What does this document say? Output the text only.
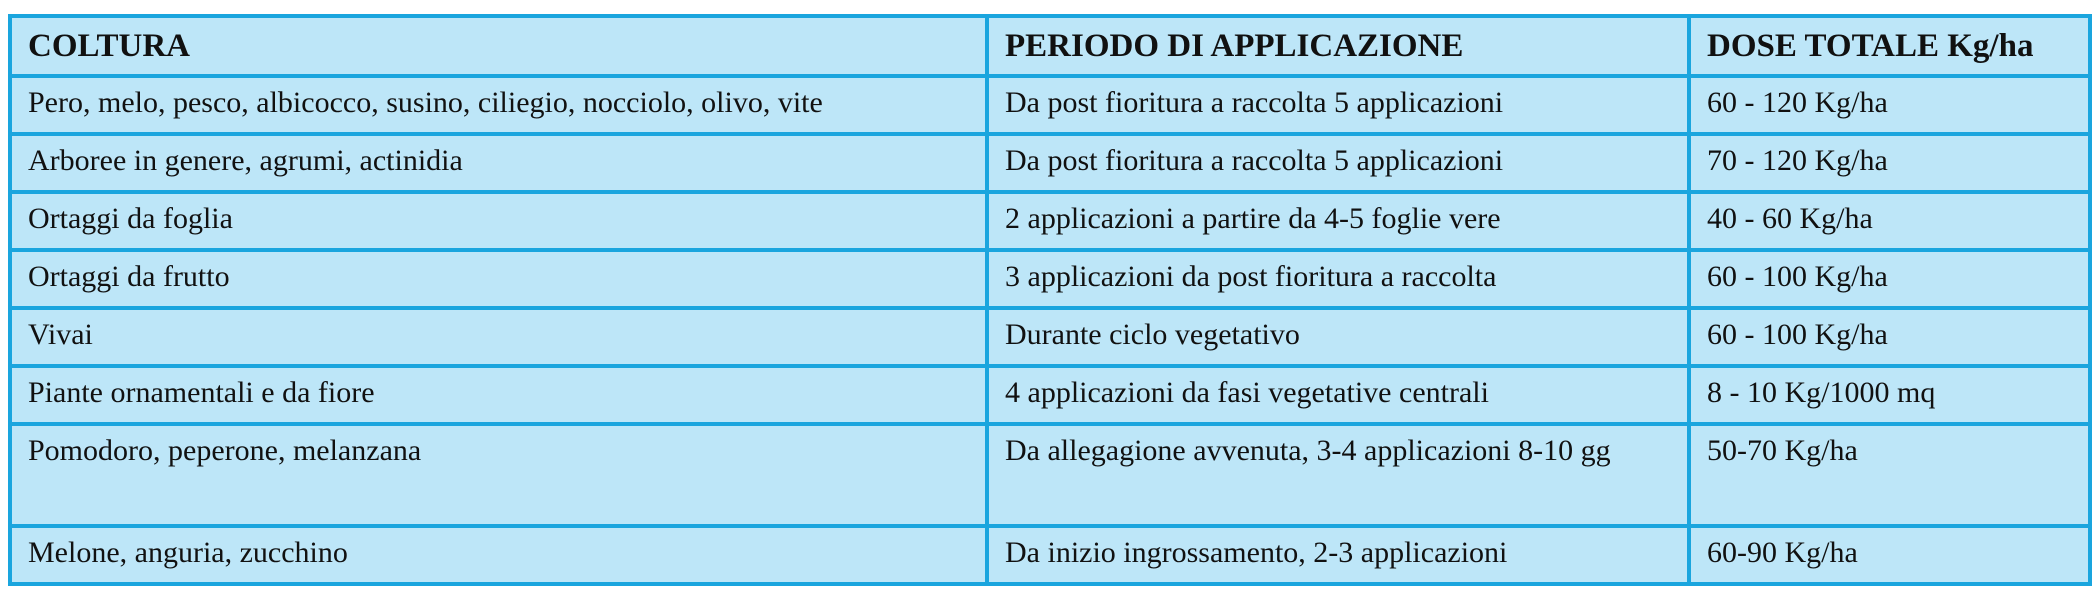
COLTURA	PERIODO DI APPLICAZIONE	DOSE TOTALE Kg/ha
Pero, melo, pesco, albicocco, susino, ciliegio, nocciolo, olivo, vite	Da post fioritura a raccolta 5 applicazioni	60 - 120 Kg/ha
Arboree in genere, agrumi, actinidia	Da post fioritura a raccolta 5 applicazioni	70 - 120 Kg/ha
Ortaggi da foglia	2 applicazioni a partire da 4-5 foglie vere	40 - 60 Kg/ha
Ortaggi da frutto	3 applicazioni da post fioritura a raccolta	60 - 100 Kg/ha
Vivai	Durante ciclo vegetativo	60 - 100 Kg/ha
Piante ornamentali e da fiore	4 applicazioni da fasi vegetative centrali	8 - 10 Kg/1000 mq
Pomodoro, peperone, melanzana	Da allegagione avvenuta, 3-4 applicazioni 8-10 gg	50-70 Kg/ha
Melone, anguria, zucchino	Da inizio ingrossamento, 2-3 applicazioni	60-90 Kg/ha
